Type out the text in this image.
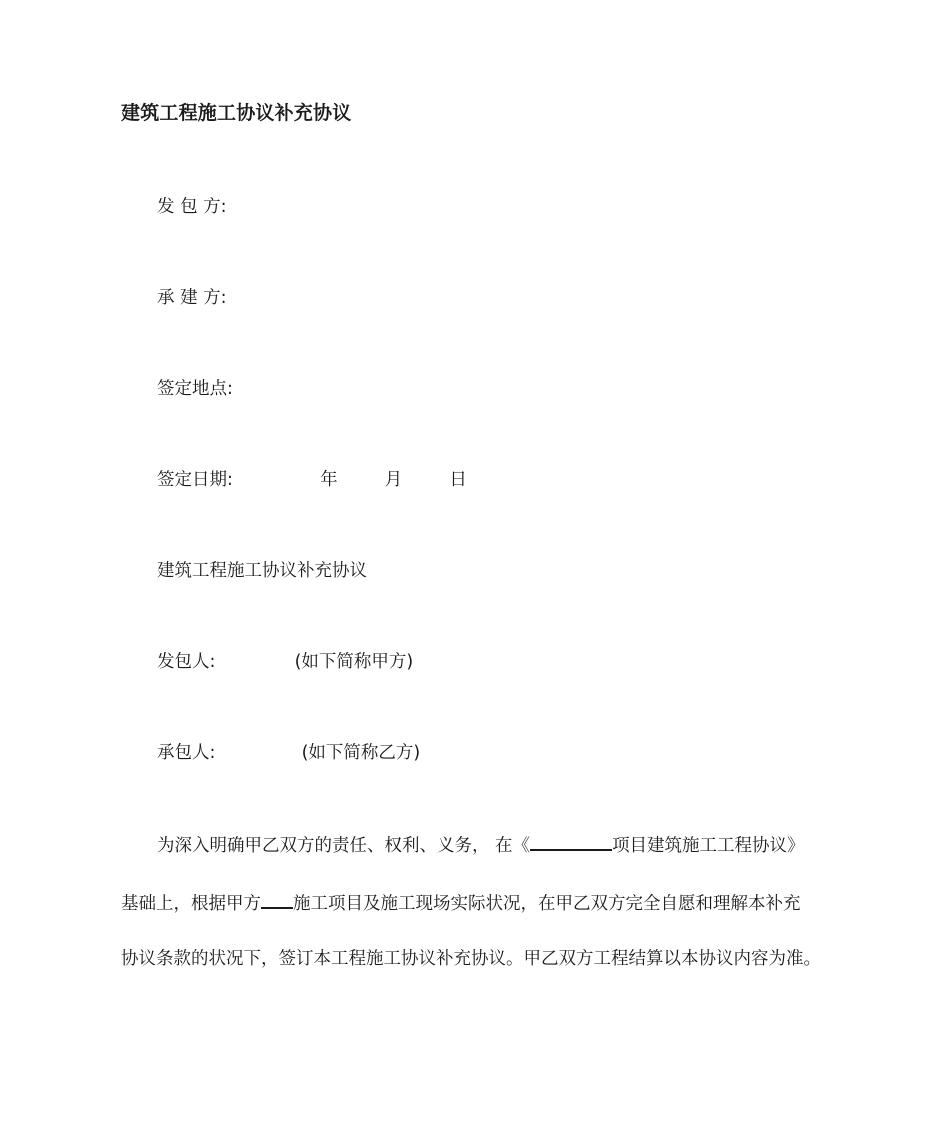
建筑工程施工协议补充协议
发 包 方:
承 建 方:
签定地点:
签定日期:	年	月	日
建筑工程施工协议补充协议
发包人:	(如下简称甲方)
承包人:	(如下简称乙方)
为深入明确甲乙双方的责任、权利、义务， 在《	项目建筑施工工程协议》
基础上，根据甲方 施工项目及施工现场实际状况，在甲乙双方完全自愿和理解本补充
协议条款的状况下，签订本工程施工协议补充协议。甲乙双方工程结算以本协议内容为准。
